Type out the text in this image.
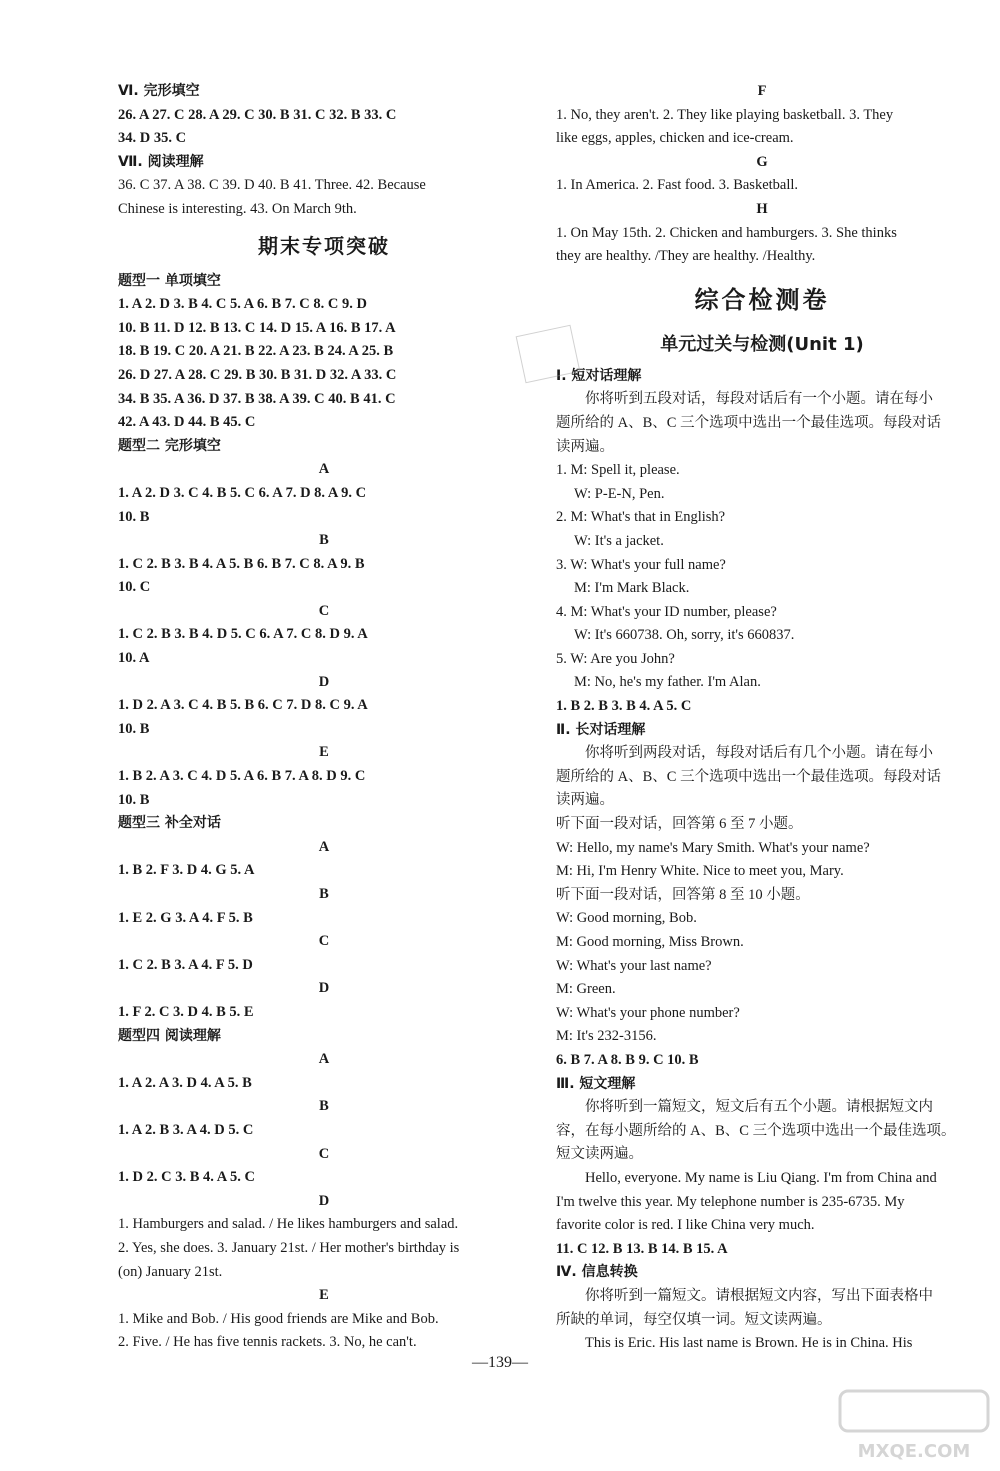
Ⅵ. 完形填空
26. A 27. C 28. A 29. C 30. B 31. C 32. B 33. C
34. D 35. C
Ⅶ. 阅读理解
36. C 37. A 38. C 39. D 40. B 41. Three. 42. Because
Chinese is interesting. 43. On March 9th.
期末专项突破
题型一 单项填空
1. A 2. D 3. B 4. C 5. A 6. B 7. C 8. C 9. D
10. B 11. D 12. B 13. C 14. D 15. A 16. B 17. A
18. B 19. C 20. A 21. B 22. A 23. B 24. A 25. B
26. D 27. A 28. C 29. B 30. B 31. D 32. A 33. C
34. B 35. A 36. D 37. B 38. A 39. C 40. B 41. C
42. A 43. D 44. B 45. C
题型二 完形填空
A
1. A 2. D 3. C 4. B 5. C 6. A 7. D 8. A 9. C
10. B
B
1. C 2. B 3. B 4. A 5. B 6. B 7. C 8. A 9. B
10. C
C
1. C 2. B 3. B 4. D 5. C 6. A 7. C 8. D 9. A
10. A
D
1. D 2. A 3. C 4. B 5. B 6. C 7. D 8. C 9. A
10. B
E
1. B 2. A 3. C 4. D 5. A 6. B 7. A 8. D 9. C
10. B
题型三 补全对话
A
1. B 2. F 3. D 4. G 5. A
B
1. E 2. G 3. A 4. F 5. B
C
1. C 2. B 3. A 4. F 5. D
D
1. F 2. C 3. D 4. B 5. E
题型四 阅读理解
A
1. A 2. A 3. D 4. A 5. B
B
1. A 2. B 3. A 4. D 5. C
C
1. D 2. C 3. B 4. A 5. C
D
1. Hamburgers and salad. / He likes hamburgers and salad.
2. Yes, she does. 3. January 21st. / Her mother's birthday is
(on) January 21st.
E
1. Mike and Bob. / His good friends are Mike and Bob.
2. Five. / He has five tennis rackets. 3. No, he can't.
F
1. No, they aren't. 2. They like playing basketball. 3. They
like eggs, apples, chicken and ice-cream.
G
1. In America. 2. Fast food. 3. Basketball.
H
1. On May 15th. 2. Chicken and hamburgers. 3. She thinks
they are healthy. /They are healthy. /Healthy.
综合检测卷
单元过关与检测(Unit 1)
Ⅰ. 短对话理解
你将听到五段对话，每段对话后有一个小题。请在每小
题所给的 A、B、C 三个选项中选出一个最佳选项。每段对话
读两遍。
1. M: Spell it, please.
W: P-E-N, Pen.
2. M: What's that in English?
W: It's a jacket.
3. W: What's your full name?
M: I'm Mark Black.
4. M: What's your ID number, please?
W: It's 660738. Oh, sorry, it's 660837.
5. W: Are you John?
M: No, he's my father. I'm Alan.
1. B 2. B 3. B 4. A 5. C
Ⅱ. 长对话理解
你将听到两段对话，每段对话后有几个小题。请在每小
题所给的 A、B、C 三个选项中选出一个最佳选项。每段对话
读两遍。
听下面一段对话，回答第 6 至 7 小题。
W: Hello, my name's Mary Smith. What's your name?
M: Hi, I'm Henry White. Nice to meet you, Mary.
听下面一段对话，回答第 8 至 10 小题。
W: Good morning, Bob.
M: Good morning, Miss Brown.
W: What's your last name?
M: Green.
W: What's your phone number?
M: It's 232-3156.
6. B 7. A 8. B 9. C 10. B
Ⅲ. 短文理解
你将听到一篇短文，短文后有五个小题。请根据短文内
容，在每小题所给的 A、B、C 三个选项中选出一个最佳选项。
短文读两遍。
Hello, everyone. My name is Liu Qiang. I'm from China and
I'm twelve this year. My telephone number is 235-6735. My
favorite color is red. I like China very much.
11. C 12. B 13. B 14. B 15. A
Ⅳ. 信息转换
你将听到一篇短文。请根据短文内容，写出下面表格中
所缺的单词，每空仅填一词。短文读两遍。
This is Eric. His last name is Brown. He is in China. His
—139—
MXQE.COM
